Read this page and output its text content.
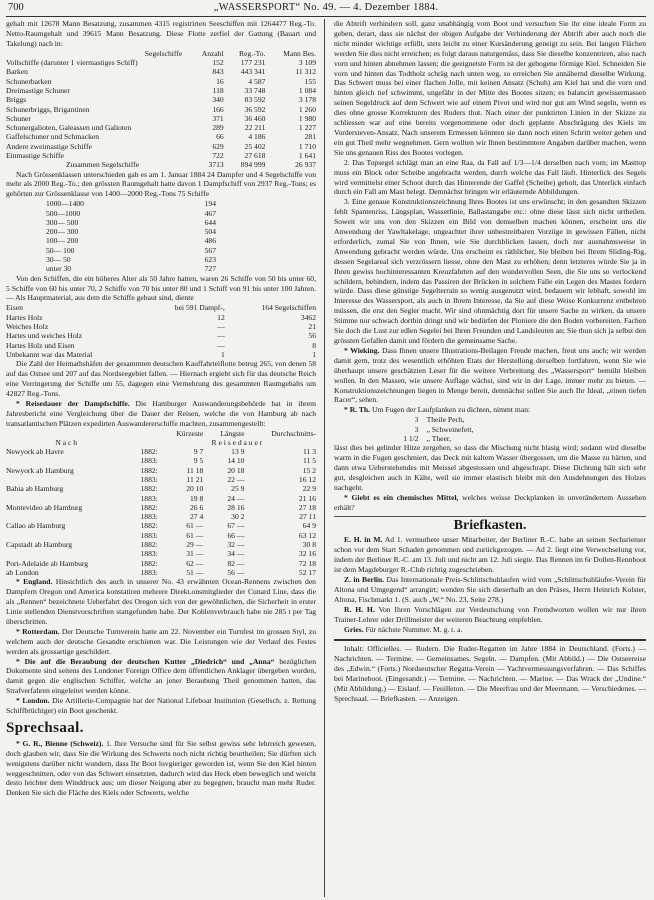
700	„WASSERSPORT“ No. 49. — 4. Dezember 1884.

gehalt mit 12678 Mann Besatzung, zusammen 4315 registrirten Seeschiffen mit 1264477 Reg.-To. Netto-Raumgehalt und 39615 Mann Besatzung. Diese Flotte zerfiel der Gattung (Bauart und Takelung) nach in:

Segelschiffe	Anzahl	Reg.-To.	Mann Bes.
Vollschiffe (darunter 1 viermastiges Schiff)	152	177 231	3 109
Barken	843	443 341	11 312
Schunerbarken	16	4 587	155
Dreimastige Schuner	118	33 748	1 084
Briggs	340	83 592	3 178
Schunerbriggs, Brigantinen	166	36 592	1 260
Schuner	371	36 460	1 980
Schunergalioten, Galeassen und Galioten	289	22 211	1 227
Gaffelschuner und Schmacken	66	4 186	281
Andere zweimastige Schiffe	629	25 402	1 710
Einmastige Schiffe	722	27 618	1 641
Zusammen Segelschiffe	3713	894 999	26 937

Nach Grössenklassen unterschieden gab es am 1. Januar 1884 24 Dampfer und 4 Segelschiffe von mehr als 2000 Reg.-To.; den grössten Raumgehalt hatte davon 1 Dampfschiff von 2937 Reg.-Tons; es gehörten zur Grössenklasse von 1400—2000 Reg.-Tons 75 Schiffe

1000—1400	194
500—1000	467
300— 500	644
200— 300	504
100— 200	486
50— 100	567
30— 50	623
unter 30	727

Von den Schiffen, die ein höheres Alter als 50 Jahre hatten, waren 26 Schiffe von 50 bis unter 60, 5 Schiffe von 60 bis unter 70, 2 Schiffe von 70 bis unter 80 und 1 Schiff von 91 bis unter 100 Jahren. — Als Hauptmaterial, aus dem die Schiffe gebaut sind, diente

Eisen	bei 591 Dampf-,	164 Segelschiffen
Hartes Holz	12	3462
Weiches Holz	—	21
Hartes und weiches Holz	—	56
Hartes Holz und Eisen	—	8
Unbekannt war das Material	1	1

Die Zahl der Heimathshäfen der gesammten deutschen Kauffahrteiflotte betrug 265, von denen 58 auf das Ostsee und 207 auf das Nordseegebiet fallen. — Hiernach ergiebt sich für das deutsche Reich eine Verringerung der Schiffe um 55, dagegen eine Vermehrung des gesammten Raumgehalts um 42827 Reg.-Tons.

* Reisedauer der Dampfschiffe. Die Hamburger Auswanderungsbehörde hat in ihrem Jahresbericht eine Vergleichung über die Dauer der Reisen, welche die von Hamburg ab nach transatlantischen Plätzen expedirten Auswandererschiffe machten, zusammengestellt:

		Kürzeste	Längste	Durchschnitts-
N a c h		R e i s e d a u e r		
Newyork ab Havre	1882:	9 7	13 9	11 3
	1883:	9 5	14 10	11 5
Newyork ab Hamburg	1882:	11 18	20 18	15 2
	1883:	11 21	22 —	16 12
Bahia ab Hamburg	1882:	20 10	25 9	22 9
	1883:	19 8	24 —	21 16
Montevideo ab Hamburg	1882:	26 6	28 16	27 18
	1883:	27 4	30 2	27 11
Callao ab Hamburg	1882:	61 —	67 —	64 9
	1883:	61 —	66 —	63 12
Capstadt ab Hamburg	1882:	29 —	32 —	30 8
	1883:	31 —	34 —	32 16
Port-Adelaide ab Hamburg	1882:	62 —	82 —	72 18
ab London	1883:	51 —	56 —	52 17

* England. Hinsichtlich des auch in unserer No. 43 erwähnten Ocean-Rennens zwischen den Dampfern Oregon und America konstatiren mehrere Direkt.onsmitglieder der Cunard Line, dass die als „Rennen“ bezeichnete Ueberfahrt des Oregon sich von der gewöhnlichen, die Sicherheit in erster Linie stellenden Dienstvorschriften stattgefunden habe. Der Kohlenverbrauch habe nie 285 t per Tag überschritten.

* Rotterdam. Der Deutsche Turnverein hatte am 22. November ein Turnfest im grossen Styl, zu welchem auch der deutsche Gesandte erschienen war. Die Leistungen wie der Verlauf des Festes werden als grossartige geschildert.

* Die auf die Beraubung der deutschen Kutter „Diedrich“ und „Anna“ bezüglichen Dokumente sind seitens des Londoner Foreign Office dem öffentlichen Anklager übergeben worden, damit gegen die englischen Schiffer, welche an jener Beraubung Theil genommen hatten, das Strafverfahren eingeleitet werden könne.

* London. Die Artillerie-Compagnie hat der National Lifeboat Institution (Gesellsch. z. Rettung Schiffbrüchiger) ein Boot geschenkt.

Sprechsaal.

* G. R., Bienne (Schweiz). 1. Ihre Versuche sind für Sie selbst gewiss sehr lehrreich gewesen, doch glauben wir, dass Sie die Wirkung des Schwerts noch nicht richtig beurtheilen; Sie dürften sich wenigstens darüber nicht wundern, dass Ihr Boot luvgieriger geworden ist, wenn Sie den Kiel hinten weggeschnitten, oder von das Schwert einsetzten, dadurch wird das Heck eben beweglich und weicht desto leichter dem Winddruck aus; um dieser Neigung aber zu begegnen, braucht man mehr Ruder. Denken Sie sich die Fläche des Kiels oder Schwerts, welche

die Abtrift verhindern soll, ganz unabhängig vom Boot und versuchen Sie ihr eine ideale Form zu geben, derart, dass sie nächst der obigen Aufgabe der Verhinderung der Abtrift aber auch noch die nicht minder wichtige erfüllt, stets leicht zu einer Kursänderung geneigt zu sein. Bei langen Flächen werden Sie dies nicht erreichen; es folgt daraus naturgemäss, dass Sie dieselbe konzentriren, also nach vorn und hinten abnehmen lassen; die geeignetste Form ist der gebogene förmige Kiel. Schneiden Sie vorn und hinten das Todtholz schräg nach unten weg, so erreichen Sie annähernd dieselbe Wirkung. Das Schwert muss bei einer flachen Jolle, mit keinen Ansatz (Schuh) am Kiel hat und die vorn und hinten gleich tief schwimmt, ungefähr in der Mitte des Bootes sitzen; es balancirt gewissermassen seinen Segeldruck auf dem Schwert wie auf einem Pivot und wird nur gut am Wind segeln, wenn es dies ohne grosse Korrekturen des Ruders thut. Nach einer der punktirten Linien in der Skizze zu schliessen war auf eine bereits vorgenommene oder doch geplante Abschrägung des Kiels im Vordersteven-Ansatz. Nach unserem Ermessen könnten sie dann noch einen Schritt weiter gehen und ein gut Theil mehr wegnehmen. Gern wollten wir Ihnen bestimmtere Angaben darüber machen, wenn Sie uns genauen Riss des Bootes vorlegen.

2. Das Topsegel schlägt man an eine Raa, da Fall auf 1/3—1/4 derselben nach vorn; im Masttop muss ein Block oder Scheibe angebracht werden, durch welche das Fall läuft. Hinterlick des Segels wird vermittelst einer Schoot durch das Hinterende der Gaffel (Scheibe) geholt, das Unterlick einfach durch ein Fall am Mast belegt. Demnächst bringen wir erläuternde Abbildungen.

3. Eine genaue Konstruktionszeichnung Ihres Bootes ist uns erwünscht; in den gesandten Skizzen fehlt Spantenriss, Längsplan, Wasserlinie, Ballastangabe etc.: ohne diese lässt sich nicht urtheilen. Soweit wir uns von den Skizzen ein Bild von demselben machen können, erscheint uns die Anwendung der Yawltakelage, ungeachtet ihrer unbestreitbaren Vorzüge in gewissen Fällen, nicht erforderlich, zumal Sie von Ihnen, wie Sie durchblicken lassen, doch nur ausnahmsweise in Anwendung gebracht werden würde. Uns erscheint es räthlicher, Sie bleiben bei Ihrem Sliding-Rig, dessen Segelareal sich verzrössern liesse, ohne den Mast zu erhöhen; denn letzteres würde Sie ja in Ihren gewiss hochinteressanten Kreuzfahrten auf den wundervollen Seen, die Sie uns so verlockend schildern, behindern, indem das Passiren der Brücken in solchem Falle ein Legen des Mastes fordern würde. Dass diese günstige Segelterrain so wenig ausgenutzt wird, bedauern wir lebhaft, sowohl im Interesse des Wassersport, als auch in Ihrem Interesse, da Sie auf diese Weise Konkurrenz entbehren müssen, die erst den Segler macht. Wir sind ohnmächtig dort für unsere Sache zu wirken, da unsere Stimme nur schwach dorthin dringt und wir bedürfen der Pioniere die den Boden vorbereiten. Fachen Sie doch die Lust zur edlen Segelei bei Ihren Freunden und Landsleuten an; Sie thun sich ja selbst den grössten Gefallen damit und fördern die gemeinsame Sache.

* Wieking. Dass Ihnen unsere Illustrations-Beilagen Freude machen, freut uns auch; wir werden damit gern, trotz des wesentlich erhöhten Etats der Herstellung derselben fortfahren, wenn Sie wie überhaupt unsere geschätzten Leser für die weitere Verbreitung des „Wassersport“ bemüht bleiben wollen. In den Massen, wie unsere Auflage wächst, sind wir in der Lage, immer mehr zu bieten. — Konstruktionszeichnungen liegen in Menge bereit, demnächst sollen Sie auch Ihr Ideal, „einen tiefen Racer“, sehen.

* R. Th. Um Fugen der Laufplanken zu dichten, nimmt man:

3	Theile Pech,
3	„ Schweinefett,
1 1/2	„ Theer,

lässt dies bei gelinder Hitze zergehen, so dass die Mischung nicht blasig wird; sodann wird dieselbe warm in die Fugen geschmiert, das Deck mit kaltem Wasser übergossen, um die Masse zu härten, und dann etwa Ueberstehendes mit Meissel abgestossen und abgeschrapt. Diese Dichtung hält sich sehr gut, desgleichen auch in Kälte, weil sie immer elastisch bleibt mit den Ausdehnungen des Holzes nachgeht.

* Giebt es ein chemisches Mittel, welches weisse Deckplanken in unverändertem Aussehen erhält?

Briefkasten.

E. H. in M. Ad 1. vermuthete unser Mitarbeiter, der Berliner R.-C. habe an seinen Sechsriemer schon vor dem Start Schaden genommen und zurückgezogen. — Ad 2. liegt eine Verwechselung vor, indem der Berliner R.-C. am 13. Juli und nicht am 12. Juli siegte. Das Rennen im 6r Dollen-Rennboot ist dem Magdeburger R.-Club richtig zugeschrieben.

Z. in Berlin. Das Internationale Preis-Schlittschuhlaufen wird vom „Schlittschuhläufer-Verein für Altona und Umgegend“ arrangirt; wenden Sie sich dieserhalb an den Präses, Herrn Heinrich Kolster, Altona, Fischmarkt 1. (S. auch „W.“ No. 23, Seite 278.)

R. H. H. Von Ihren Vorschlägen zur Verdeutschung von Fremdworten wollen wir nur ihren Trainer-Lehrer oder Drillmeister der weiteren Beachtung empfehlen.

Gries. Für nächste Nummer. M. g. t. a.

Inhalt: Officielles. — Rudern. Die Ruder-Regatten im Jahre 1884 in Deutschland. (Forts.) — Nachrichten. — Termine. — Gemeinsames. Segeln. — Dampfen. (Mit Abbild.) — Die Ostseereise des „Edwin.“ (Forts.) Nordseutscher Regatta-Verein — Yachtvermessungsverfahren. — Das Schiffes bei Marineboot. (Eingesandt.) — Termine. — Nachrichten. — Marine. — Das Wrack der „Undine.“ (Mit Abbildung.) — Eislauf. — Feuilleton. — Die Meerfrau und der Meermann. — Verschiedenes. — Sprechsaal. — Briefkasten. — Anzeigen.
